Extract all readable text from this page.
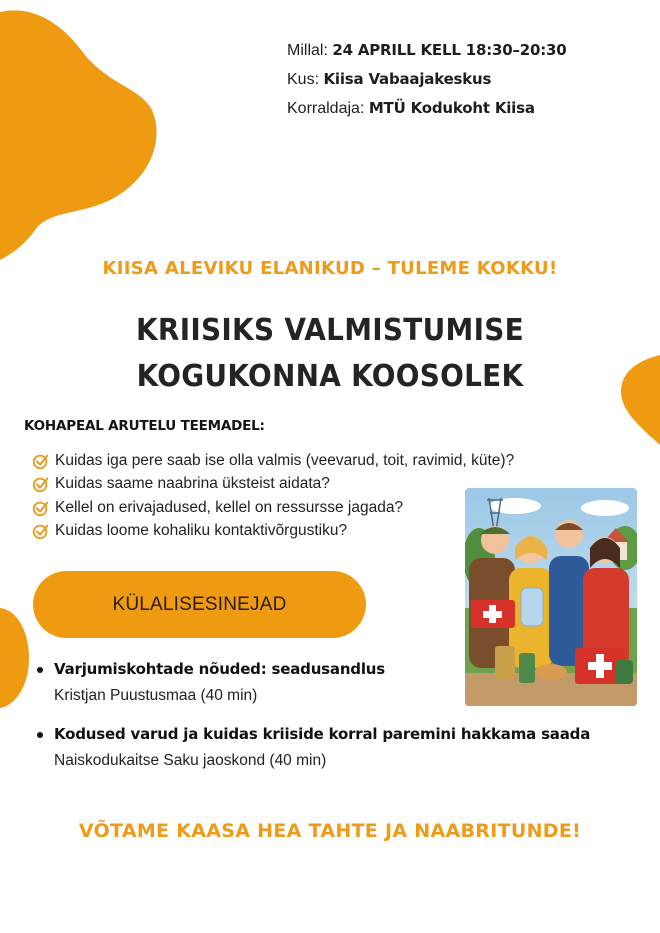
Millal: 24 APRILL KELL 18:30–20:30
Kus: Kiisa Vabaajakeskus
Korraldaja: MTÜ Kodukoht Kiisa
KIISA ALEVIKU ELANIKUD – TULEME KOKKU!
KRIISIKS VALMISTUMISE
KOGUKONNA KOOSOLEK
KOHAPEAL ARUTELU TEEMADEL:
Kuidas iga pere saab ise olla valmis (veevarud, toit, ravimid, küte)?
Kuidas saame naabrina üksteist aidata?
Kellel on erivajadused, kellel on ressursse jagada?
Kuidas loome kohaliku kontaktivõrgustiku?
KÜLALISESINEJAD
Varjumiskohtade nõuded: seadusandlus
Kristjan Puustusmaa (40 min)
Kodused varud ja kuidas kriiside korral paremini hakkama saada Naiskodukaitse Saku jaoskond (40 min)
VÕTAME KAASA HEA TAHTE JA NAABRITUNDE!
